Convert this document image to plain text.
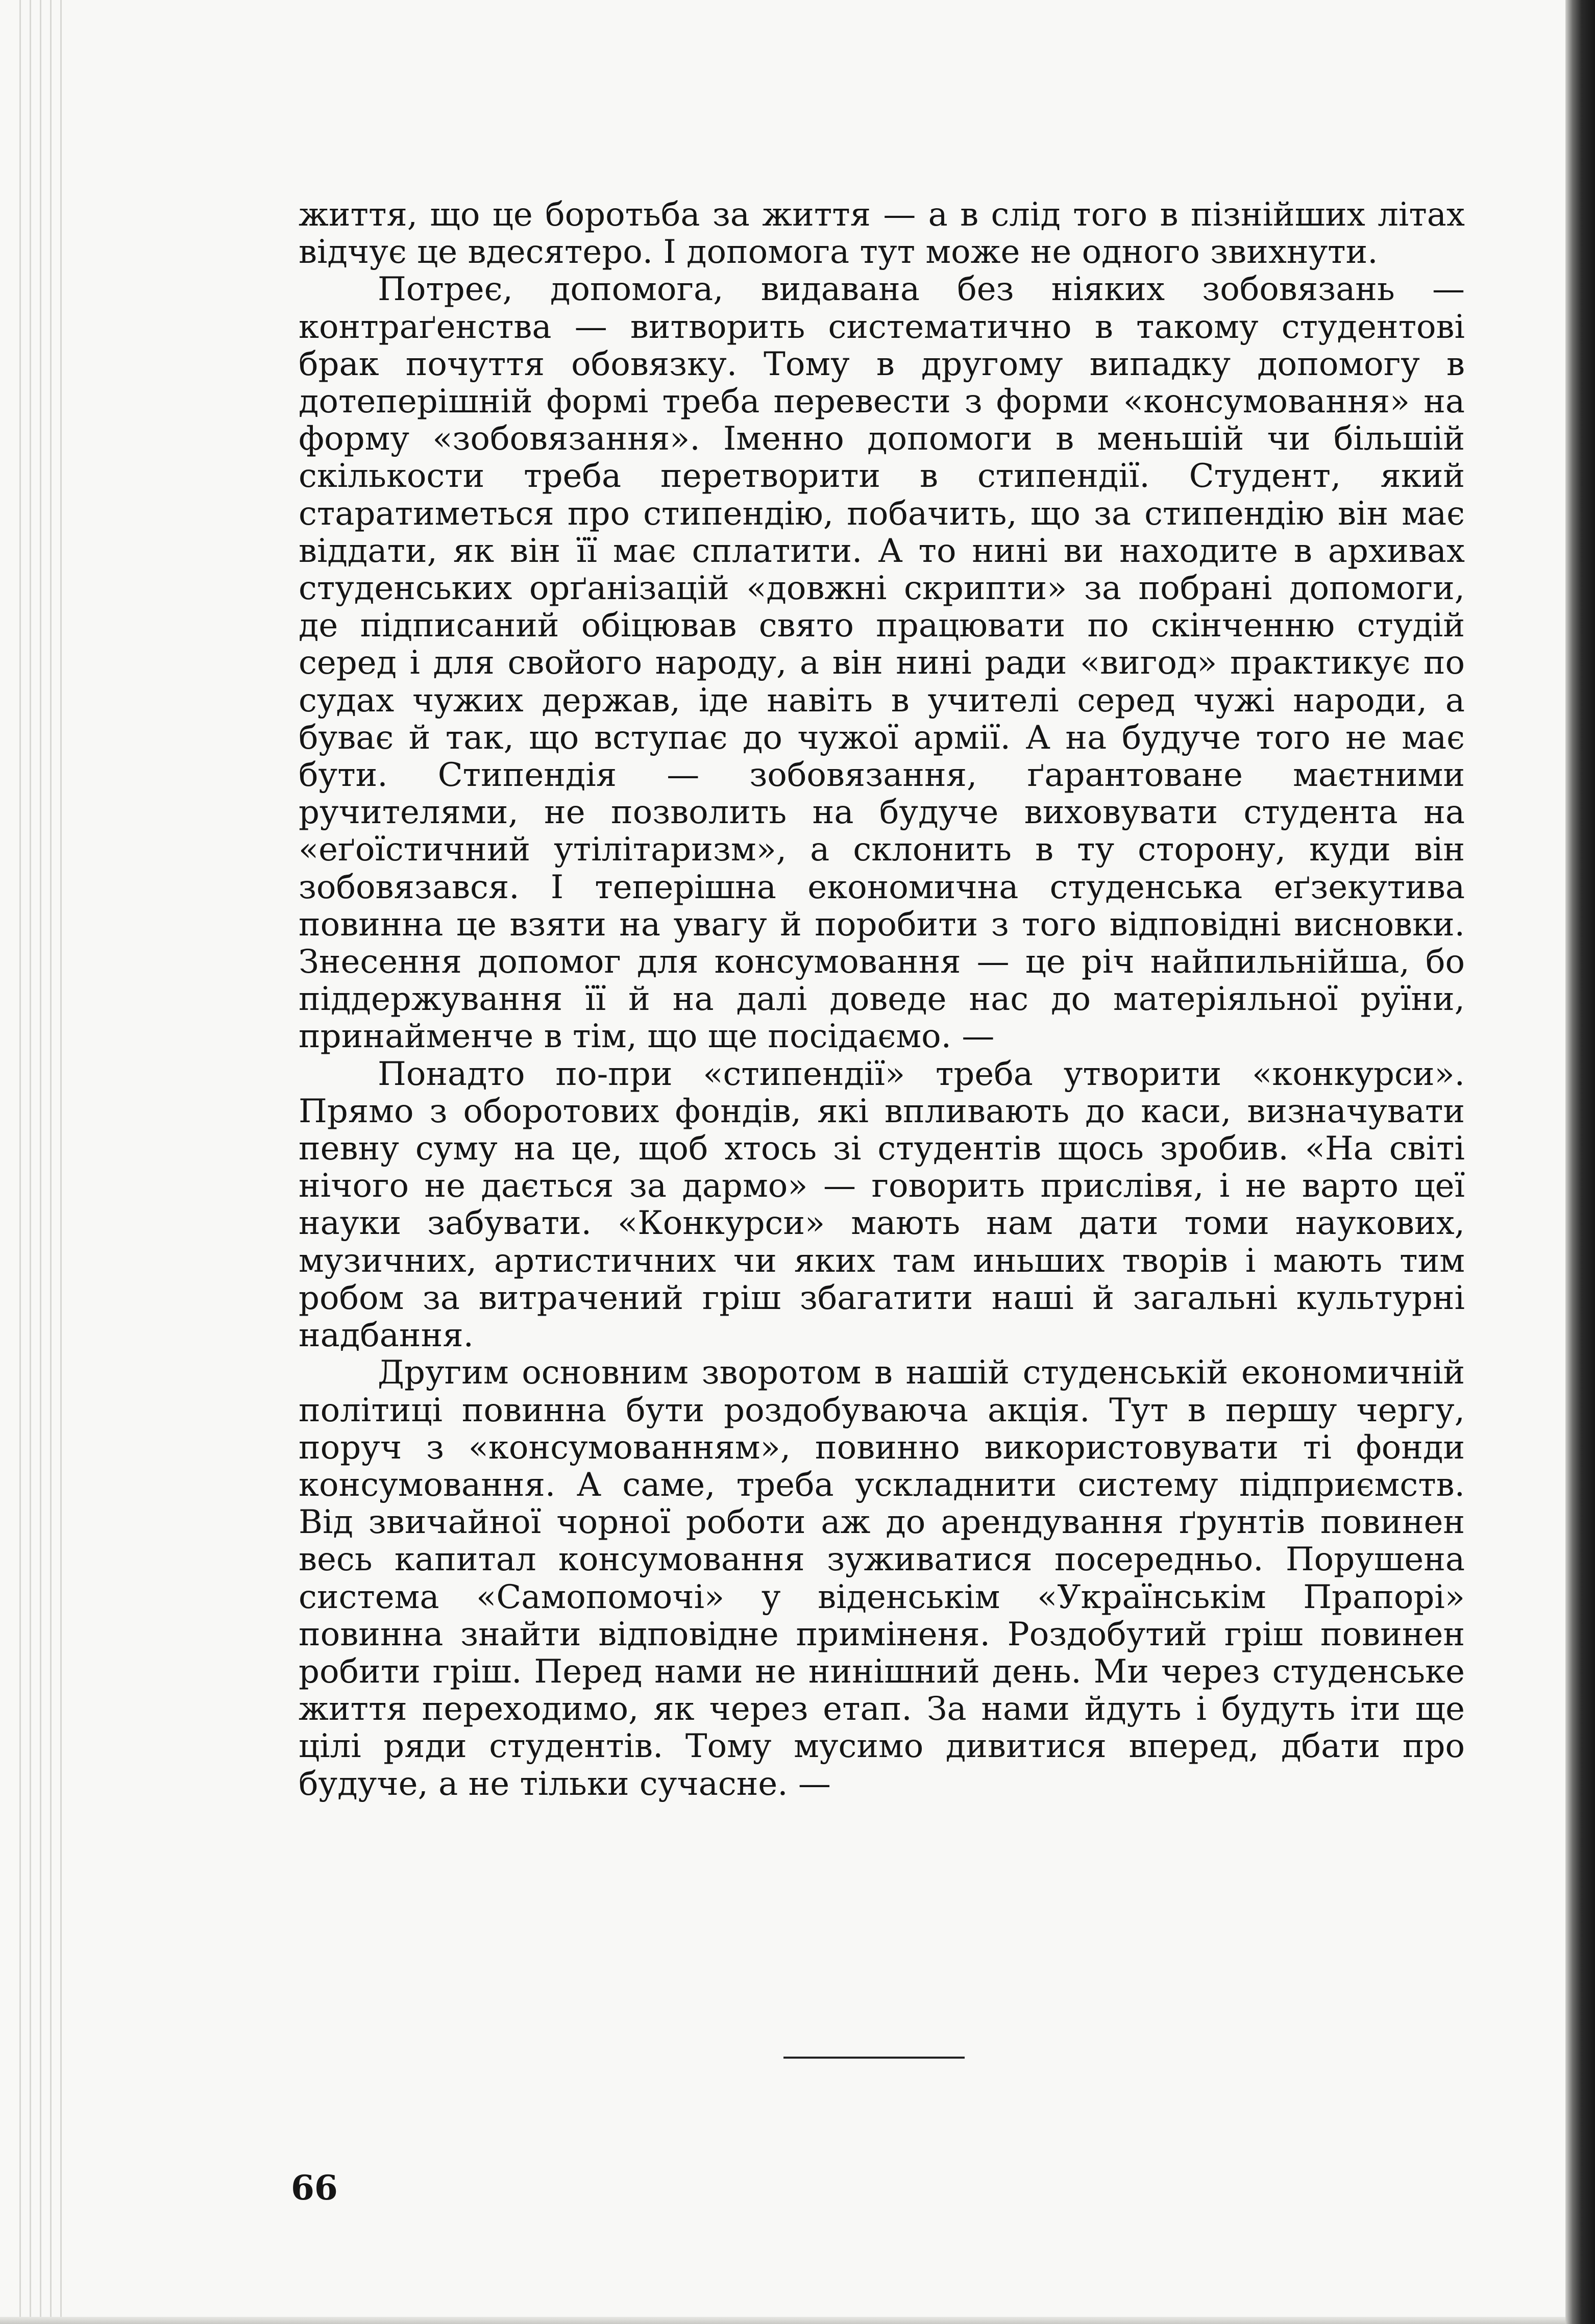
життя, що це боротьба за життя — а в слід того в пізнійших літах відчує це вдесятеро. І допомога тут може не одного звихнути.

Потреє, допомога, видавана без ніяких зобовязань — контраґенства — витворить систематично в такому студентові брак почуття обовязку. Тому в другому випадку допомогу в дотеперішній формі треба перевести з форми «консумовання» на форму «зобовязання». Іменно допомоги в меньшій чи більшій скількости треба перетворити в стипендії. Студент, який старатиметься про стипендію, побачить, що за стипендію він має віддати, як він її має сплатити. А то нині ви находите в архивах студенських орґанізацій «довжні скрипти» за побрані допомоги, де підписаний обіцював свято працювати по скінченню студій серед і для свойого народу, а він нині ради «вигод» практикує по судах чужих держав, іде навіть в учителі серед чужі народи, а буває й так, що вступає до чужої армії. А на будуче того не має бути. Стипендія — зобовязання, ґарантоване маєтними ручителями, не позволить на будуче виховувати студента на «еґоїстичний утілітаризм», а склонить в ту сторону, куди він зобовязався. І теперішна економична студенська еґзекутива повинна це взяти на увагу й поробити з того відповідні висновки. Знесення допомог для консумовання — це річ найпильнійша, бо піддержування її й на далі доведе нас до матеріяльної руїни, принайменче в тім, що ще посідаємо. —

Понадто по-при «стипендії» треба утворити «конкурси». Прямо з оборотових фондів, які впливають до каси, визначувати певну суму на це, щоб хтось зі студентів щось зробив. «На світі нічого не дається за дармо» — говорить прислівя, і не варто цеї науки забувати. «Конкурси» мають нам дати томи наукових, музичних, артистичних чи яких там иньших творів і мають тим робом за витрачений гріш збагатити наші й загальні культурні надбання.

Другим основним зворотом в нашій студенській економичній політиці повинна бути роздобуваюча акція. Тут в першу чергу, поруч з «консумованням», повинно використовувати ті фонди консумовання. А саме, треба ускладнити систему підприємств. Від звичайної чорної роботи аж до арендування ґрунтів повинен весь капитал консумовання зуживатися посередньо. Порушена система «Самопомочі» у віденськім «Українськім Прапорі» повинна знайти відповідне приміненя. Роздобутий гріш повинен робити гріш. Перед нами не нинішний день. Ми через студенське життя переходимо, як через етап. За нами йдуть і будуть іти ще цілі ряди студентів. Тому мусимо дивитися вперед, дбати про будуче, а не тільки сучасне. —

66
